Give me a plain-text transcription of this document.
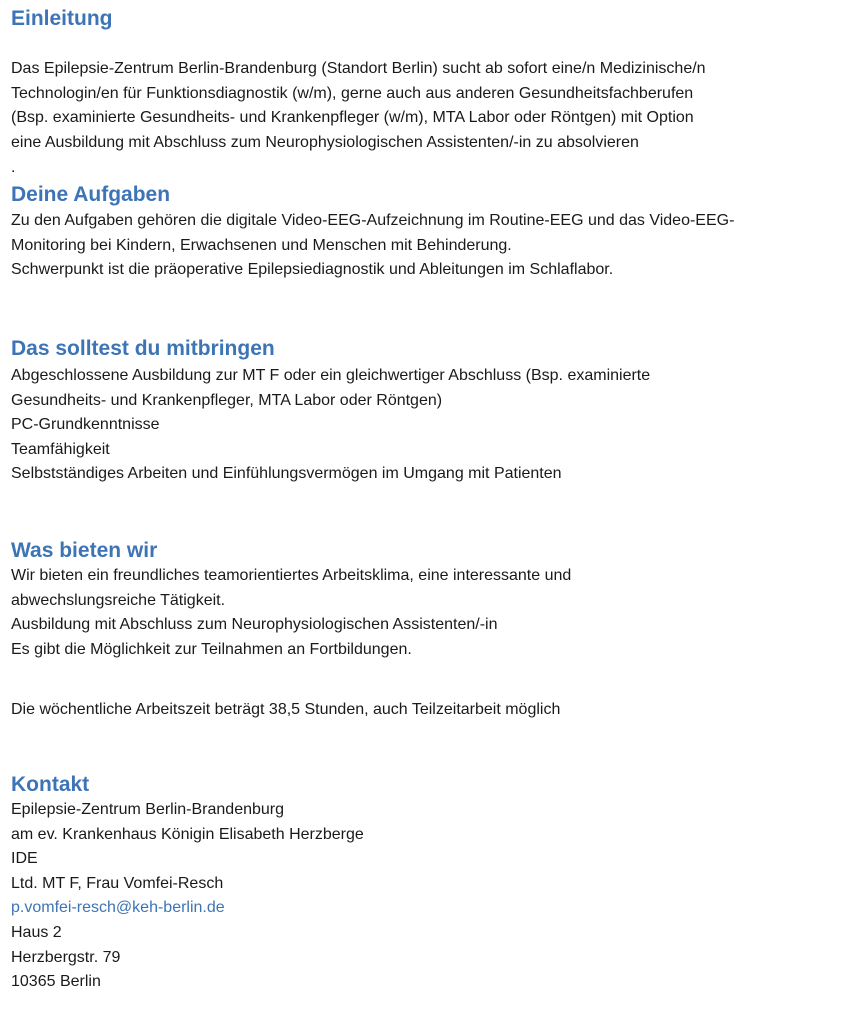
Einleitung

Das Epilepsie-Zentrum Berlin-Brandenburg (Standort Berlin) sucht ab sofort eine/n Medizinische/n
Technologin/en für Funktionsdiagnostik (w/m), gerne auch aus anderen Gesundheitsfachberufen
(Bsp. examinierte Gesundheits- und Krankenpfleger (w/m), MTA Labor oder Röntgen) mit Option
eine Ausbildung mit Abschluss zum Neurophysiologischen Assistenten/-in zu absolvieren

.

Deine Aufgaben

Zu den Aufgaben gehören die digitale Video-EEG-Aufzeichnung im Routine-EEG und das Video-EEG-
Monitoring bei Kindern, Erwachsenen und Menschen mit Behinderung.
Schwerpunkt ist die präoperative Epilepsiediagnostik und Ableitungen im Schlaflabor.

Das solltest du mitbringen

Abgeschlossene Ausbildung zur MT F oder ein gleichwertiger Abschluss (Bsp. examinierte
Gesundheits- und Krankenpfleger, MTA Labor oder Röntgen)
PC-Grundkenntnisse
Teamfähigkeit
Selbstständiges Arbeiten und Einfühlungsvermögen im Umgang mit Patienten

Was bieten wir

Wir bieten ein freundliches teamorientiertes Arbeitsklima, eine interessante und
abwechslungsreiche Tätigkeit.
Ausbildung mit Abschluss zum Neurophysiologischen Assistenten/-in
Es gibt die Möglichkeit zur Teilnahmen an Fortbildungen.

Die wöchentliche Arbeitszeit beträgt 38,5 Stunden, auch Teilzeitarbeit möglich

Kontakt

Epilepsie-Zentrum Berlin-Brandenburg
am ev. Krankenhaus Königin Elisabeth Herzberge
IDE
Ltd. MT F, Frau Vomfei-Resch
p.vomfei-resch@keh-berlin.de
Haus 2
Herzbergstr. 79
10365 Berlin
